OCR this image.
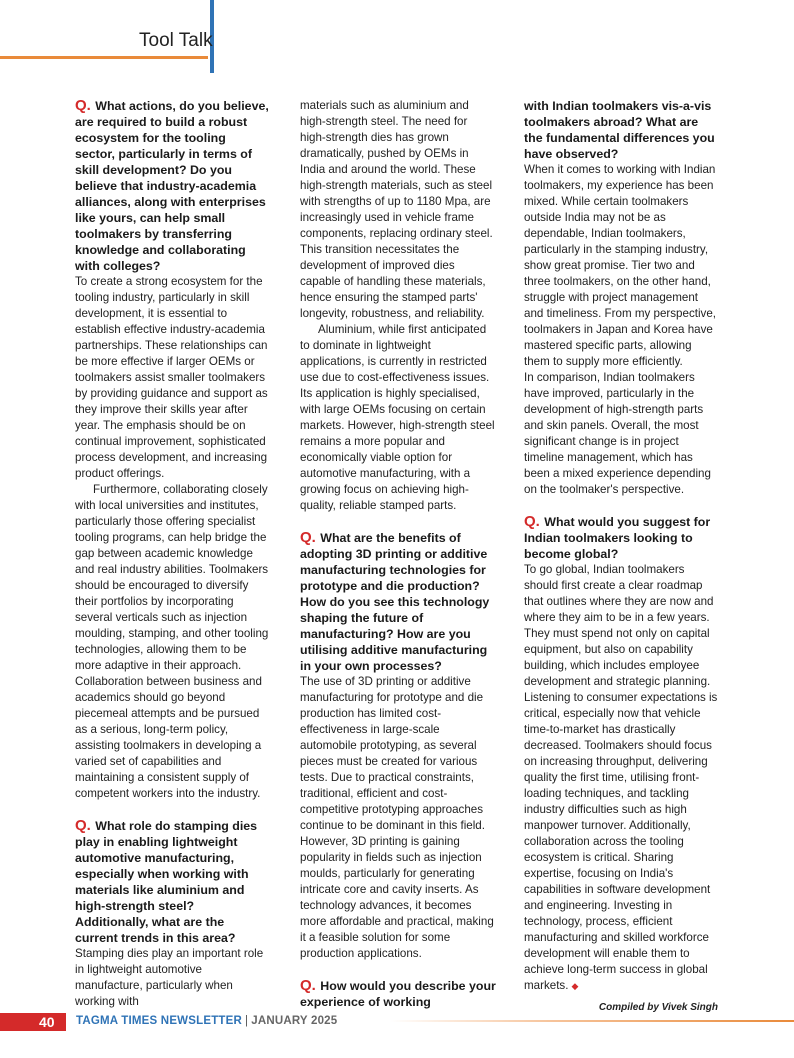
Tool Talk

Q. What actions, do you believe, are required to build a robust ecosystem for the tooling sector, particularly in terms of skill development? Do you believe that industry-academia alliances, along with enterprises like yours, can help small toolmakers by transferring knowledge and collaborating with colleges?

To create a strong ecosystem for the tooling industry, particularly in skill development, it is essential to establish effective industry-academia partnerships. These relationships can be more effective if larger OEMs or toolmakers assist smaller toolmakers by providing guidance and support as they improve their skills year after year. The emphasis should be on continual improvement, sophisticated process development, and increasing product offerings.

Furthermore, collaborating closely with local universities and institutes, particularly those offering specialist tooling programs, can help bridge the gap between academic knowledge and real industry abilities. Toolmakers should be encouraged to diversify their portfolios by incorporating several verticals such as injection moulding, stamping, and other tooling technologies, allowing them to be more adaptive in their approach. Collaboration between business and academics should go beyond piecemeal attempts and be pursued as a serious, long-term policy, assisting toolmakers in developing a varied set of capabilities and maintaining a consistent supply of competent workers into the industry.

Q. What role do stamping dies play in enabling lightweight automotive manufacturing, especially when working with materials like aluminium and high-strength steel? Additionally, what are the current trends in this area?

Stamping dies play an important role in lightweight automotive manufacture, particularly when working with

materials such as aluminium and high-strength steel. The need for high-strength dies has grown dramatically, pushed by OEMs in India and around the world. These high-strength materials, such as steel with strengths of up to 1180 Mpa, are increasingly used in vehicle frame components, replacing ordinary steel. This transition necessitates the development of improved dies capable of handling these materials, hence ensuring the stamped parts' longevity, robustness, and reliability.

Aluminium, while first anticipated to dominate in lightweight applications, is currently in restricted use due to cost-effectiveness issues. Its application is highly specialised, with large OEMs focusing on certain markets. However, high-strength steel remains a more popular and economically viable option for automotive manufacturing, with a growing focus on achieving high-quality, reliable stamped parts.

Q. What are the benefits of adopting 3D printing or additive manufacturing technologies for prototype and die production? How do you see this technology shaping the future of manufacturing? How are you utilising additive manufacturing in your own processes?

The use of 3D printing or additive manufacturing for prototype and die production has limited cost-effectiveness in large-scale automobile prototyping, as several pieces must be created for various tests. Due to practical constraints, traditional, efficient and cost-competitive prototyping approaches continue to be dominant in this field. However, 3D printing is gaining popularity in fields such as injection moulds, particularly for generating intricate core and cavity inserts. As technology advances, it becomes more affordable and practical, making it a feasible solution for some production applications.

Q. How would you describe your experience of working

with Indian toolmakers vis-a-vis toolmakers abroad? What are the fundamental differences you have observed?

When it comes to working with Indian toolmakers, my experience has been mixed. While certain toolmakers outside India may not be as dependable, Indian toolmakers, particularly in the stamping industry, show great promise. Tier two and three toolmakers, on the other hand, struggle with project management and timeliness. From my perspective, toolmakers in Japan and Korea have mastered specific parts, allowing them to supply more efficiently.

In comparison, Indian toolmakers have improved, particularly in the development of high-strength parts and skin panels. Overall, the most significant change is in project timeline management, which has been a mixed experience depending on the toolmaker's perspective.

Q. What would you suggest for Indian toolmakers looking to become global?

To go global, Indian toolmakers should first create a clear roadmap that outlines where they are now and where they aim to be in a few years. They must spend not only on capital equipment, but also on capability building, which includes employee development and strategic planning. Listening to consumer expectations is critical, especially now that vehicle time-to-market has drastically decreased. Toolmakers should focus on increasing throughput, delivering quality the first time, utilising front-loading techniques, and tackling industry difficulties such as high manpower turnover. Additionally, collaboration across the tooling ecosystem is critical. Sharing expertise, focusing on India's capabilities in software development and engineering. Investing in technology, process, efficient manufacturing and skilled workforce development will enable them to achieve long-term success in global markets. ◆

Compiled by Vivek Singh
40 TAGMA TIMES NEWSLETTER | JANUARY 2025
